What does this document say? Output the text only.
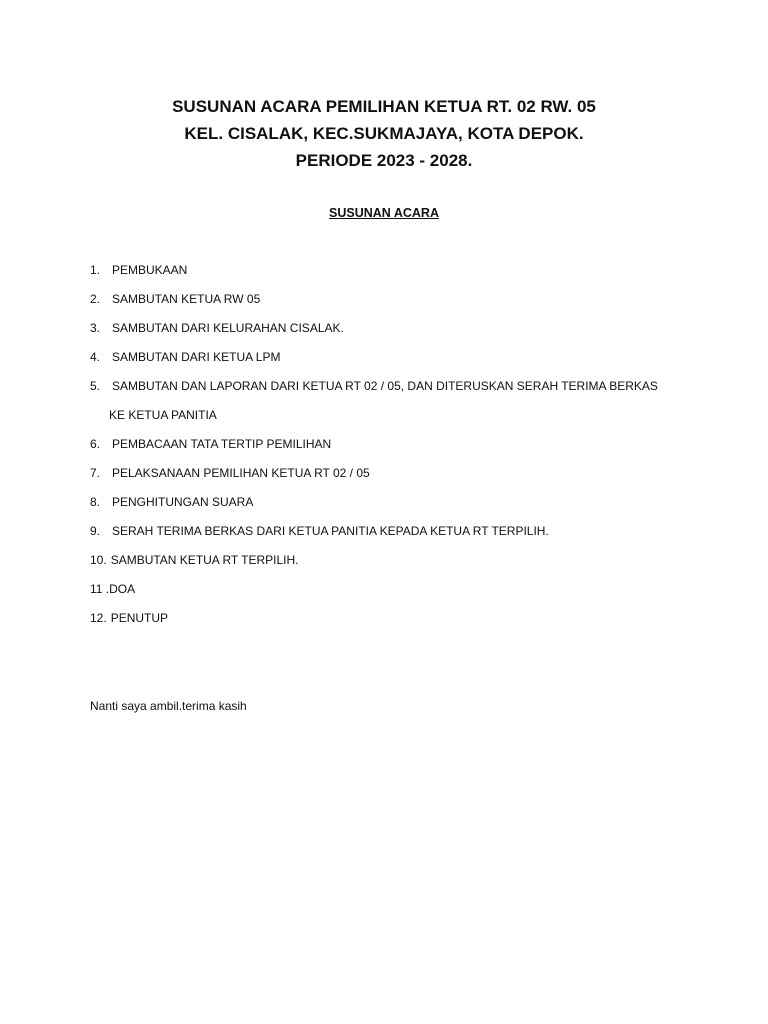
SUSUNAN ACARA PEMILIHAN KETUA RT. 02 RW. 05
KEL. CISALAK, KEC.SUKMAJAYA, KOTA DEPOK.
PERIODE 2023 - 2028.
SUSUNAN ACARA
1. PEMBUKAAN
2. SAMBUTAN KETUA RW 05
3. SAMBUTAN DARI KELURAHAN CISALAK.
4. SAMBUTAN DARI KETUA LPM
5. SAMBUTAN DAN LAPORAN DARI KETUA RT 02 / 05, DAN DITERUSKAN SERAH TERIMA BERKAS
KE KETUA PANITIA
6. PEMBACAAN TATA TERTIP PEMILIHAN
7. PELAKSANAAN PEMILIHAN KETUA RT 02 / 05
8. PENGHITUNGAN SUARA
9. SERAH TERIMA BERKAS DARI KETUA PANITIA KEPADA KETUA RT TERPILIH.
10. SAMBUTAN KETUA RT TERPILIH.
11 .DOA
12. PENUTUP
Nanti saya ambil.terima kasih
